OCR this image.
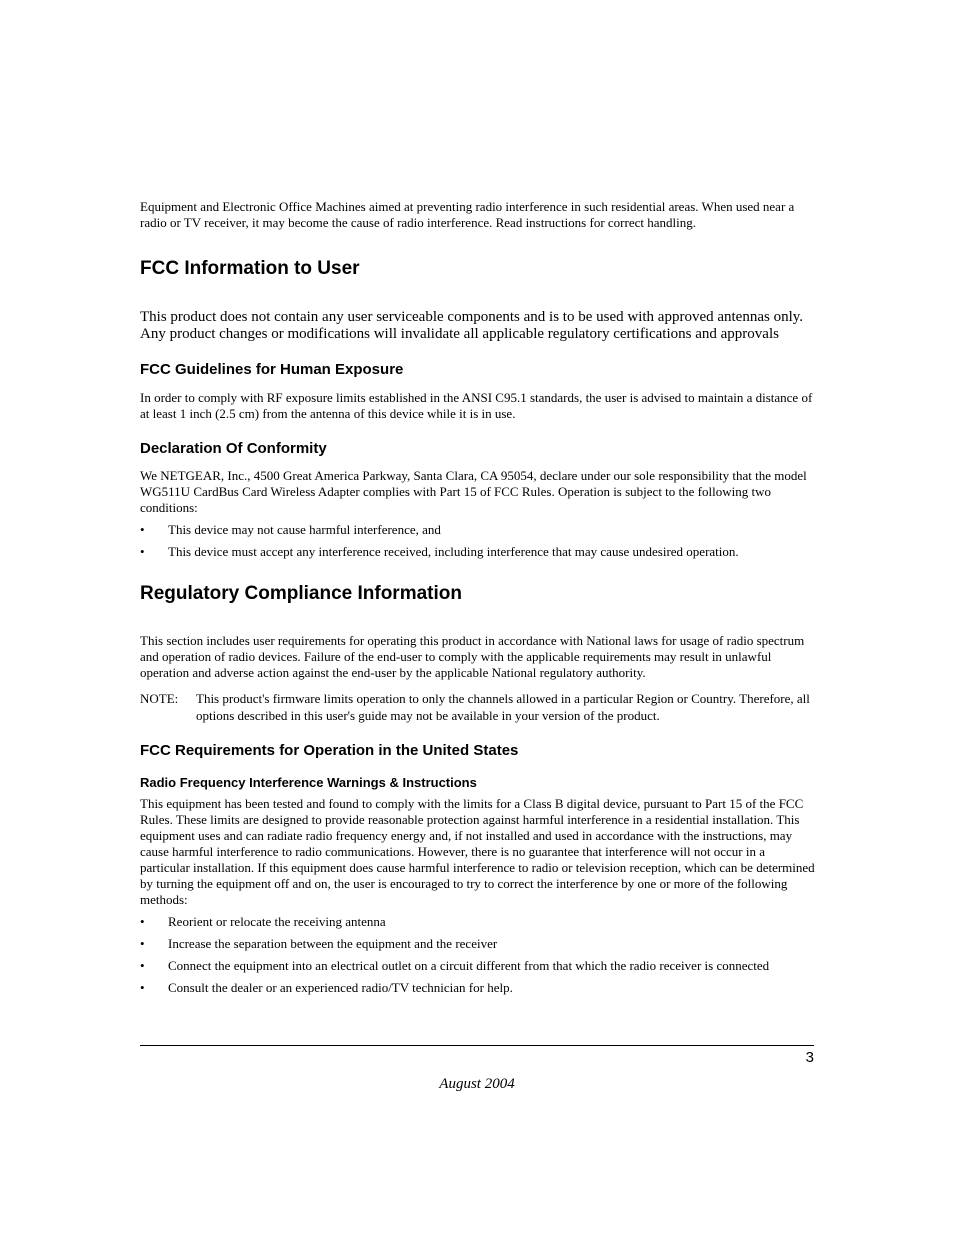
Equipment and Electronic Office Machines aimed at preventing radio interference in such residential areas. When used near a radio or TV receiver, it may become the cause of radio interference. Read instructions for correct handling.

FCC Information to User

This product does not contain any user serviceable components and is to be used with approved antennas only. Any product changes or modifications will invalidate all applicable regulatory certifications and approvals

FCC Guidelines for Human Exposure

In order to comply with RF exposure limits established in the ANSI C95.1 standards, the user is advised to maintain a distance of at least 1 inch (2.5 cm) from the antenna of this device while it is in use.

Declaration Of Conformity

We NETGEAR, Inc., 4500 Great America Parkway, Santa Clara, CA 95054, declare under our sole responsibility that the model WG511U CardBus Card Wireless Adapter complies with Part 15 of FCC Rules. Operation is subject to the following two conditions:

• This device may not cause harmful interference, and
• This device must accept any interference received, including interference that may cause undesired operation.
Regulatory Compliance Information

This section includes user requirements for operating this product in accordance with National laws for usage of radio spectrum and operation of radio devices. Failure of the end-user to comply with the applicable requirements may result in unlawful operation and adverse action against the end-user by the applicable National regulatory authority.

NOTE:	This product's firmware limits operation to only the channels allowed in a particular Region or Country. Therefore, all options described in this user's guide may not be available in your version of the product.
FCC Requirements for Operation in the United States
Radio Frequency Interference Warnings & Instructions

This equipment has been tested and found to comply with the limits for a Class B digital device, pursuant to Part 15 of the FCC Rules. These limits are designed to provide reasonable protection against harmful interference in a residential installation. This equipment uses and can radiate radio frequency energy and, if not installed and used in accordance with the instructions, may cause harmful interference to radio communications. However, there is no guarantee that interference will not occur in a particular installation. If this equipment does cause harmful interference to radio or television reception, which can be determined by turning the equipment off and on, the user is encouraged to try to correct the interference by one or more of the following methods:

• Reorient or relocate the receiving antenna
• Increase the separation between the equipment and the receiver
• Connect the equipment into an electrical outlet on a circuit different from that which the radio receiver is connected
• Consult the dealer or an experienced radio/TV technician for help.
3
August 2004
